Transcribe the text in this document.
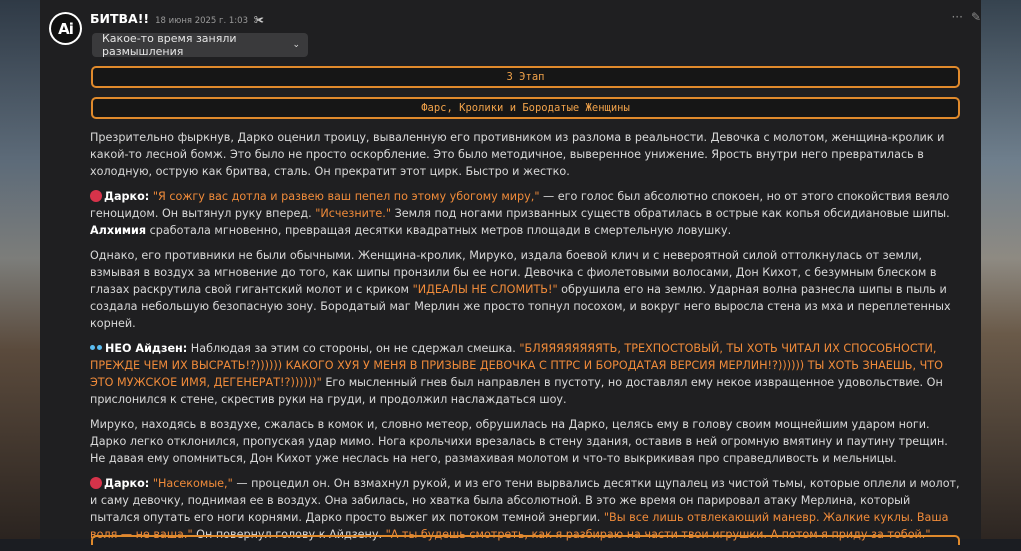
Ai
БИТВА!! 18 июня 2025 г. 1:03 ✀	··· ✎
Какое-то время заняли размышления	⌄
3 Этап
Фарс, Кролики и Бородатые Женщины

Презрительно фыркнув, Дарко оценил троицу, вываленную его противником из разлома в реальности. Девочка с молотом, женщина-кролик и какой-то лесной бомж. Это было не просто оскорбление. Это было методичное, выверенное унижение. Ярость внутри него превратилась в холодную, острую как бритва, сталь. Он прекратит этот цирк. Быстро и жестко.

Дарко: "Я сожгу вас дотла и развею ваш пепел по этому убогому миру," — его голос был абсолютно спокоен, но от этого спокойствия веяло геноцидом. Он вытянул руку вперед. "Исчезните." Земля под ногами призванных существ обратилась в острые как копья обсидиановые шипы. Алхимия сработала мгновенно, превращая десятки квадратных метров площади в смертельную ловушку.

Однако, его противники не были обычными. Женщина-кролик, Мируко, издала боевой клич и с невероятной силой оттолкнулась от земли, взмывая в воздух за мгновение до того, как шипы пронзили бы ее ноги. Девочка с фиолетовыми волосами, Дон Кихот, с безумным блеском в глазах раскрутила свой гигантский молот и с криком "ИДЕАЛЫ НЕ СЛОМИТЬ!" обрушила его на землю. Ударная волна разнесла шипы в пыль и создала небольшую безопасную зону. Бородатый маг Мерлин же просто топнул посохом, и вокруг него выросла стена из мха и переплетенных корней.

НЕО Айдзен: Наблюдая за этим со стороны, он не сдержал смешка. "БЛЯЯЯЯЯЯЯЯТЬ, ТРЕХПОСТОВЫЙ, ТЫ ХОТЬ ЧИТАЛ ИХ СПОСОБНОСТИ, ПРЕЖДЕ ЧЕМ ИХ ВЫСРАТЬ!?)))))) КАКОГО ХУЯ У МЕНЯ В ПРИЗЫВЕ ДЕВОЧКА С ПТРС И БОРОДАТАЯ ВЕРСИЯ МЕРЛИН!?)))))) ТЫ ХОТЬ ЗНАЕШЬ, ЧТО ЭТО МУЖСКОЕ ИМЯ, ДЕГЕНЕРАТ!?))))))" Его мысленный гнев был направлен в пустоту, но доставлял ему некое извращенное удовольствие. Он прислонился к стене, скрестив руки на груди, и продолжил наслаждаться шоу.

Мируко, находясь в воздухе, сжалась в комок и, словно метеор, обрушилась на Дарко, целясь ему в голову своим мощнейшим ударом ноги. Дарко легко отклонился, пропуская удар мимо. Нога крольчихи врезалась в стену здания, оставив в ней огромную вмятину и паутину трещин. Не давая ему опомниться, Дон Кихот уже неслась на него, размахивая молотом и что-то выкрикивая про справедливость и мельницы.

Дарко: "Насекомые," — процедил он. Он взмахнул рукой, и из его тени вырвались десятки щупалец из чистой тьмы, которые оплели и молот, и саму девочку, поднимая ее в воздух. Она забилась, но хватка была абсолютной. В это же время он парировал атаку Мерлина, который пытался опутать его ноги корнями. Дарко просто выжег их потоком темной энергии. "Вы все лишь отвлекающий маневр. Жалкие куклы. Ваша воля — не ваша." Он повернул голову к Айдзену. "А ты будешь смотреть, как я разбираю на части твои игрушки. А потом я приду за тобой."
